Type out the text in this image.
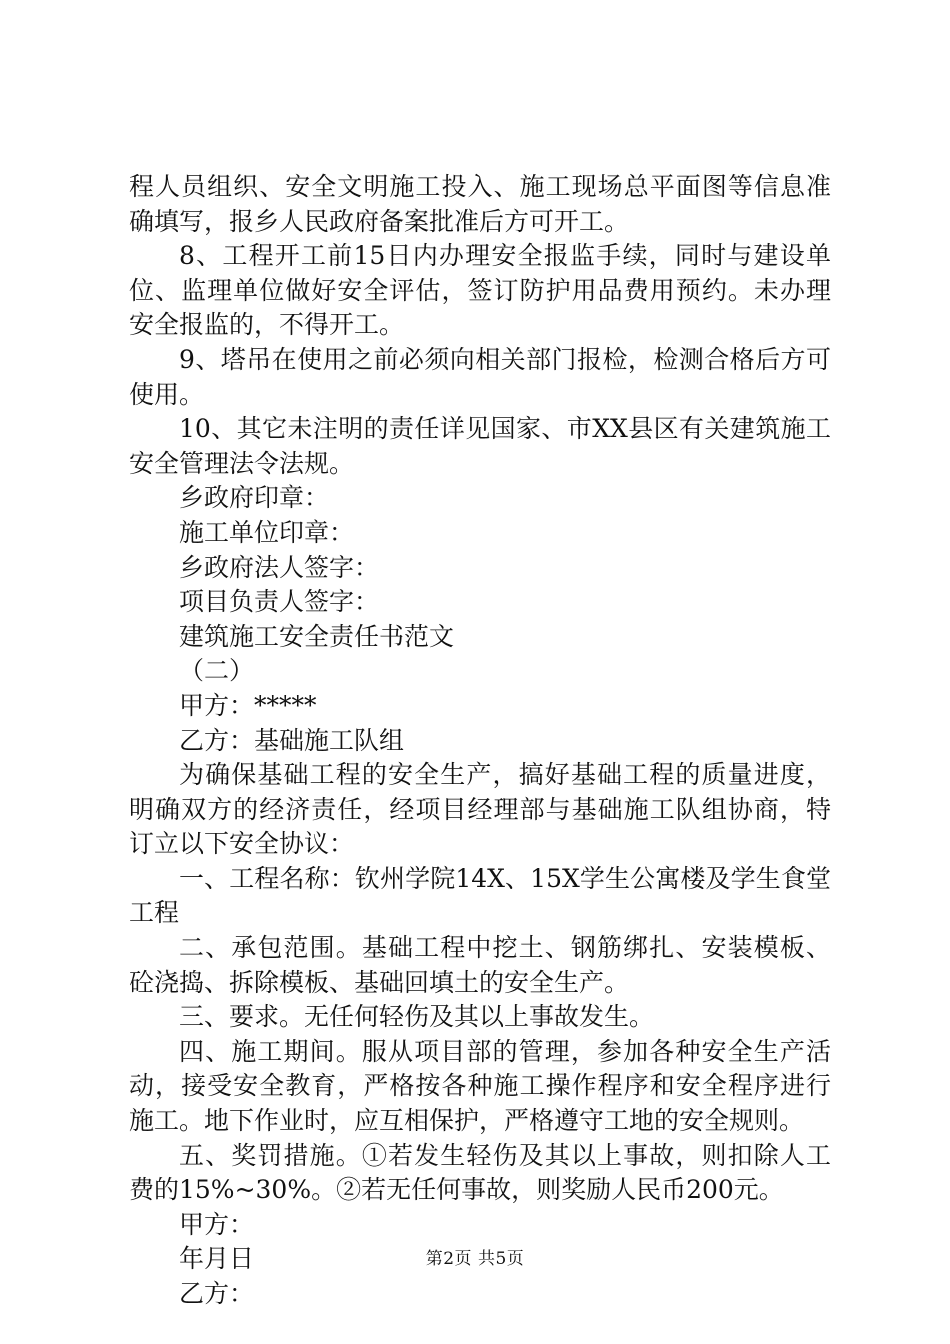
程人员组织、安全文明施工投入、施工现场总平面图等信息准
确填写，报乡人民政府备案批准后方可开工。
8、工程开工前15日内办理安全报监手续，同时与建设单
位、监理单位做好安全评估，签订防护用品费用预约。未办理
安全报监的，不得开工。
9、塔吊在使用之前必须向相关部门报检，检测合格后方可
使用。
10、其它未注明的责任详见国家、市XX县区有关建筑施工
安全管理法令法规。
乡政府印章：
施工单位印章：
乡政府法人签字：
项目负责人签字：
建筑施工安全责任书范文
（二）
甲方：*****
乙方：基础施工队组
为确保基础工程的安全生产，搞好基础工程的质量进度，
明确双方的经济责任，经项目经理部与基础施工队组协商，特
订立以下安全协议：
一、工程名称：钦州学院14X、15X学生公寓楼及学生食堂
工程
二、承包范围。基础工程中挖土、钢筋绑扎、安装模板、
砼浇捣、拆除模板、基础回填土的安全生产。
三、要求。无任何轻伤及其以上事故发生。
四、施工期间。服从项目部的管理，参加各种安全生产活
动，接受安全教育，严格按各种施工操作程序和安全程序进行
施工。地下作业时，应互相保护，严格遵守工地的安全规则。
五、奖罚措施。①若发生轻伤及其以上事故，则扣除人工
费的15%~30%。②若无任何事故，则奖励人民币200元。
甲方：
年月日
乙方：
第2页 共5页
